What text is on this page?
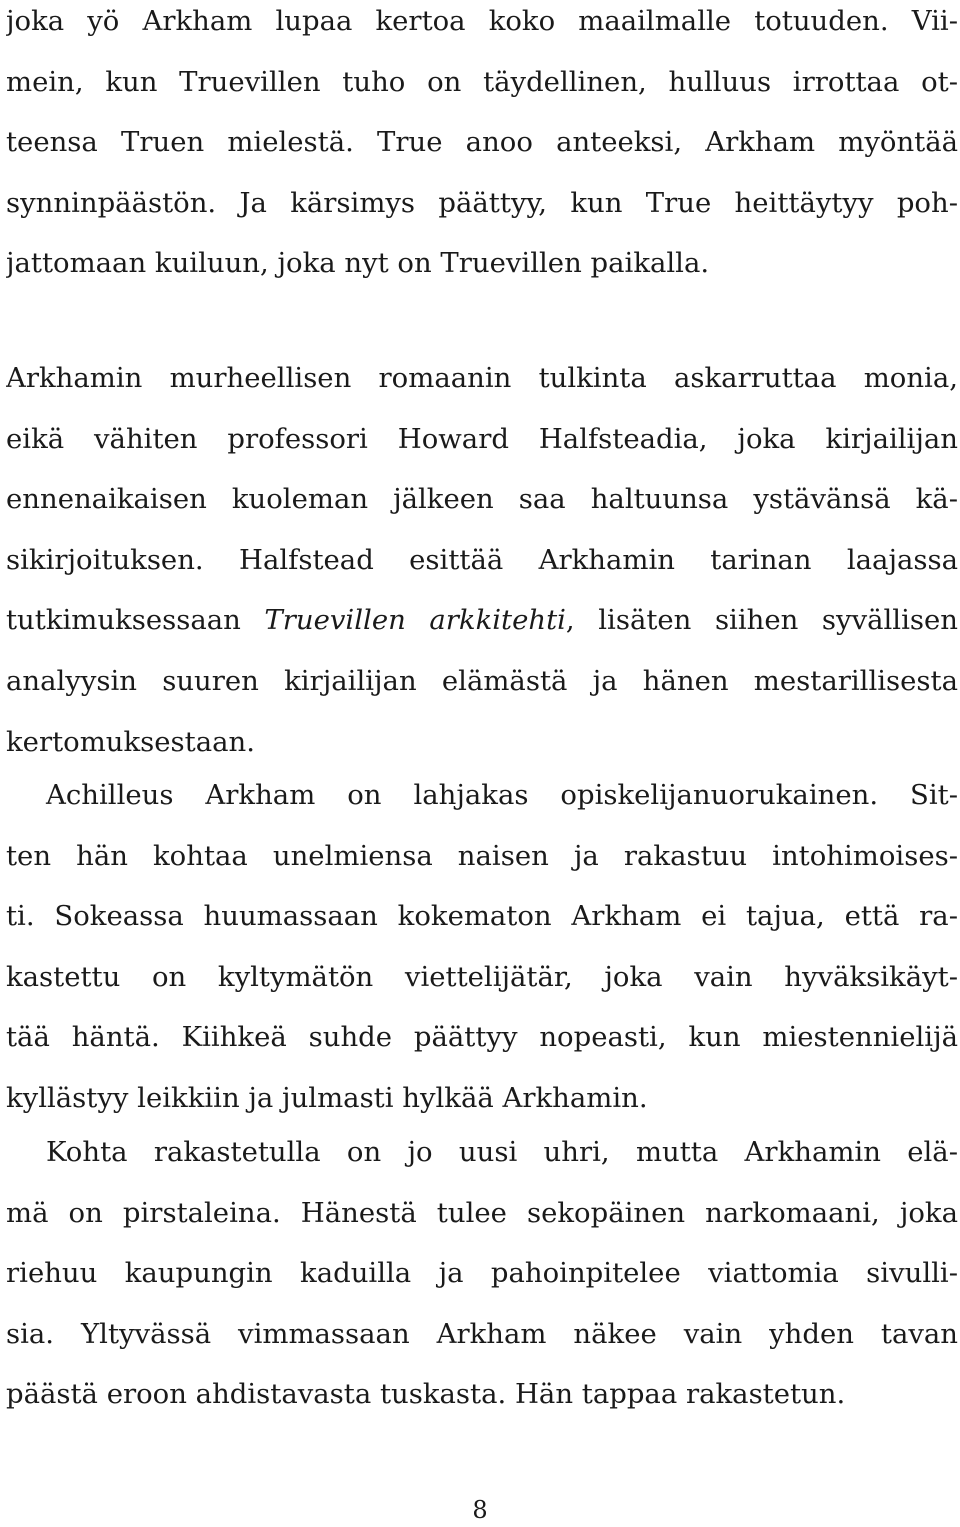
joka yö Arkham lupaa kertoa koko maailmalle totuuden. Vii-
mein, kun Truevillen tuho on täydellinen, hulluus irrottaa ot-
teensa Truen mielestä. True anoo anteeksi, Arkham myöntää
synninpäästön. Ja kärsimys päättyy, kun True heittäytyy poh-
jattomaan kuiluun, joka nyt on Truevillen paikalla.
Arkhamin murheellisen romaanin tulkinta askarruttaa monia,
eikä vähiten professori Howard Halfsteadia, joka kirjailijan
ennenaikaisen kuoleman jälkeen saa haltuunsa ystävänsä kä-
sikirjoituksen. Halfstead esittää Arkhamin tarinan laajassa
tutkimuksessaan Truevillen arkkitehti, lisäten siihen syvällisen
analyysin suuren kirjailijan elämästä ja hänen mestarillisesta
kertomuksestaan.
Achilleus Arkham on lahjakas opiskelijanuorukainen. Sit-
ten hän kohtaa unelmiensa naisen ja rakastuu intohimoises-
ti. Sokeassa huumassaan kokematon Arkham ei tajua, että ra-
kastettu on kyltymätön viettelijätär, joka vain hyväksikäyt-
tää häntä. Kiihkeä suhde päättyy nopeasti, kun miestennielijä
kyllästyy leikkiin ja julmasti hylkää Arkhamin.
Kohta rakastetulla on jo uusi uhri, mutta Arkhamin elä-
mä on pirstaleina. Hänestä tulee sekopäinen narkomaani, joka
riehuu kaupungin kaduilla ja pahoinpitelee viattomia sivulli-
sia. Yltyvässä vimmassaan Arkham näkee vain yhden tavan
päästä eroon ahdistavasta tuskasta. Hän tappaa rakastetun.
8
